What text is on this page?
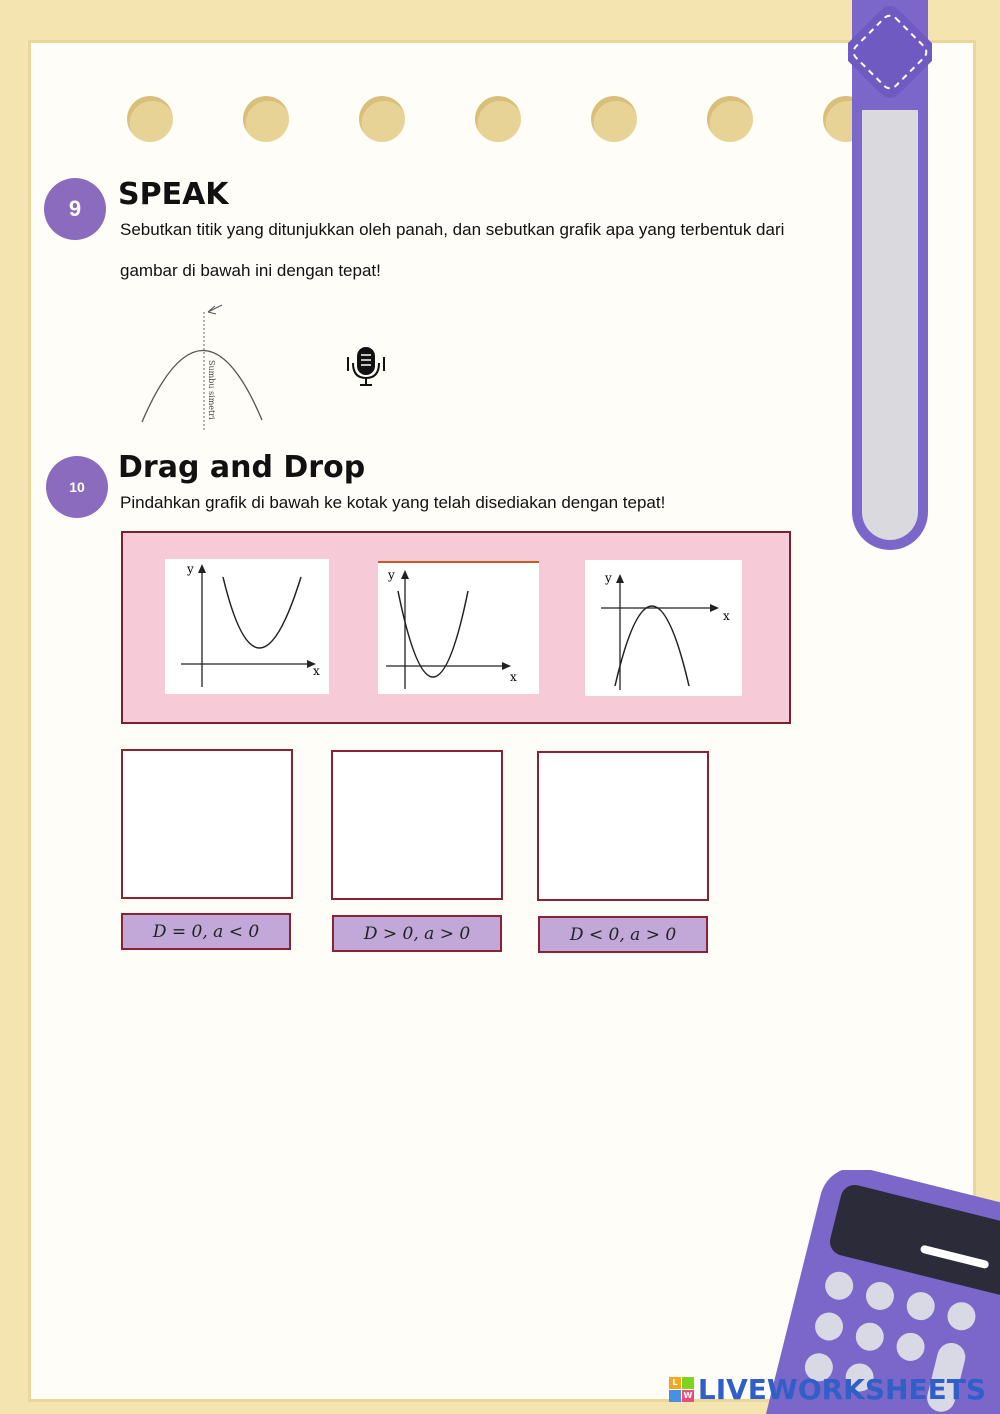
9 SPEAK
Sebutkan titik yang ditunjukkan oleh panah, dan sebutkan grafik apa yang terbentuk dari
gambar di bawah ini dengan tepat!
Sumbu simetri
10
Drag and Drop
Pindahkan grafik di bawah ke kotak yang telah disediakan dengan tepat!
y
x
y
x
y
x
D = 0, a < 0	D > 0, a > 0	D < 0, a > 0
L
W LIVEWORKSHEETS
